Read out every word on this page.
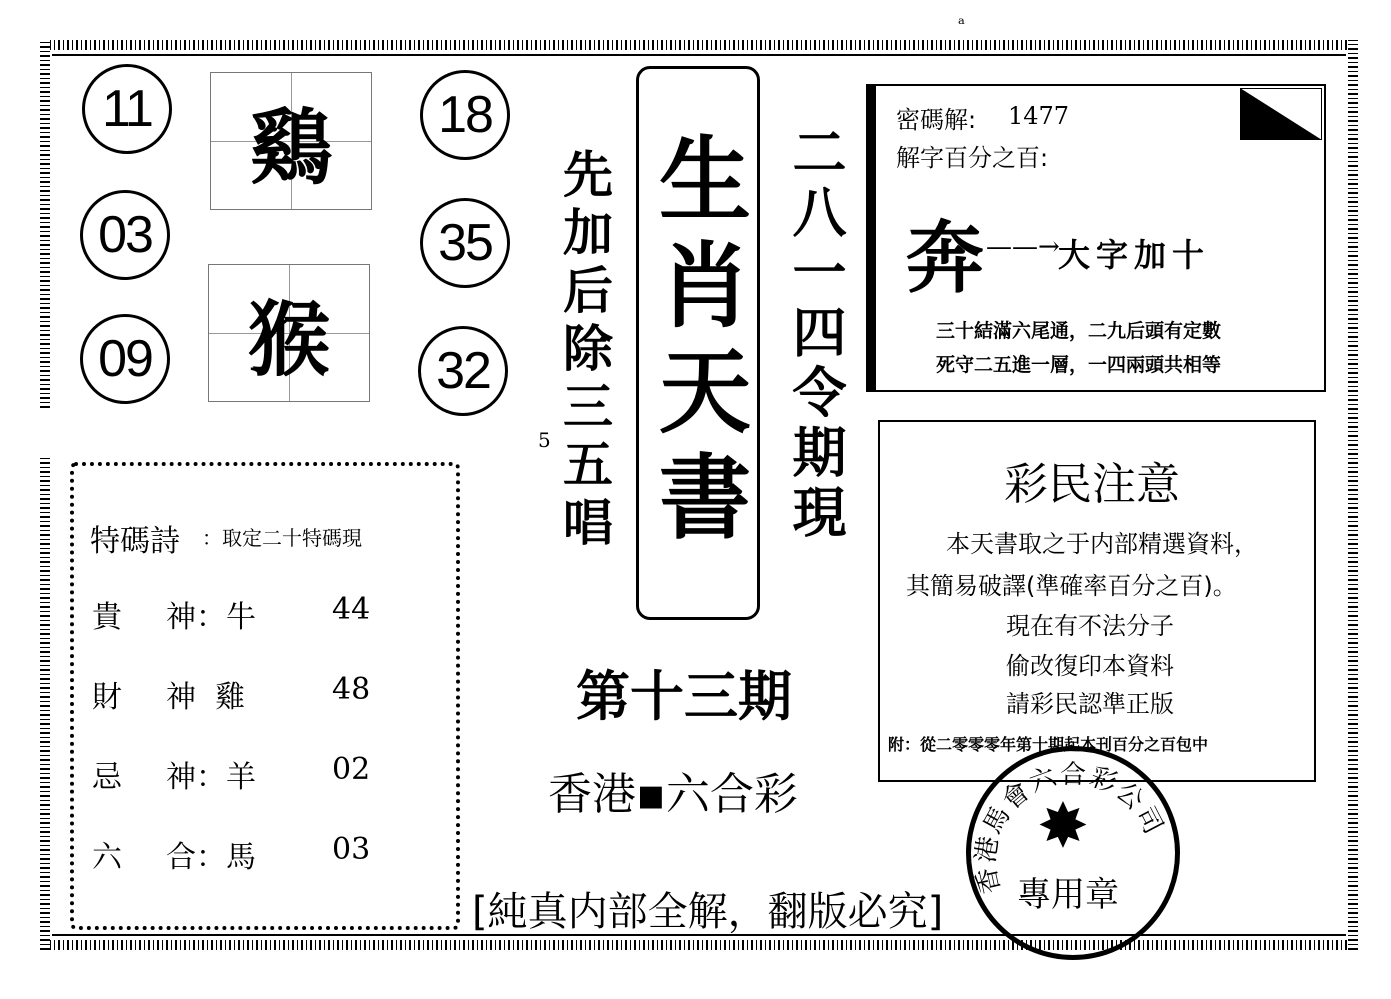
ᵃ
5
11
03
09
18
35
32
鷄
猴	先加后除三五唱 生肖天書 二八一四令期現
第十三期
香港▪六合彩
[純真内部全解，翻版必究]
特碼詩 ：取定二十特碼現
貴 神：牛	44
財 神  雞	48
忌 神：羊	02
六 合：馬	03
密碼解: 1477
解字百分之百:
奔 ——→
大字加十
三十結滿六尾通，二九后頭有定數
死守二五進一層，一四兩頭共相等
彩民注意
本天書取之于内部精選資料，
其簡易破譯(準確率百分之百)。
現在有不法分子
偷改復印本資料
請彩民認準正版
附：從二零零零年第十期起本刊百分之百包中
香港馬會六合彩公司
✸
專用章
